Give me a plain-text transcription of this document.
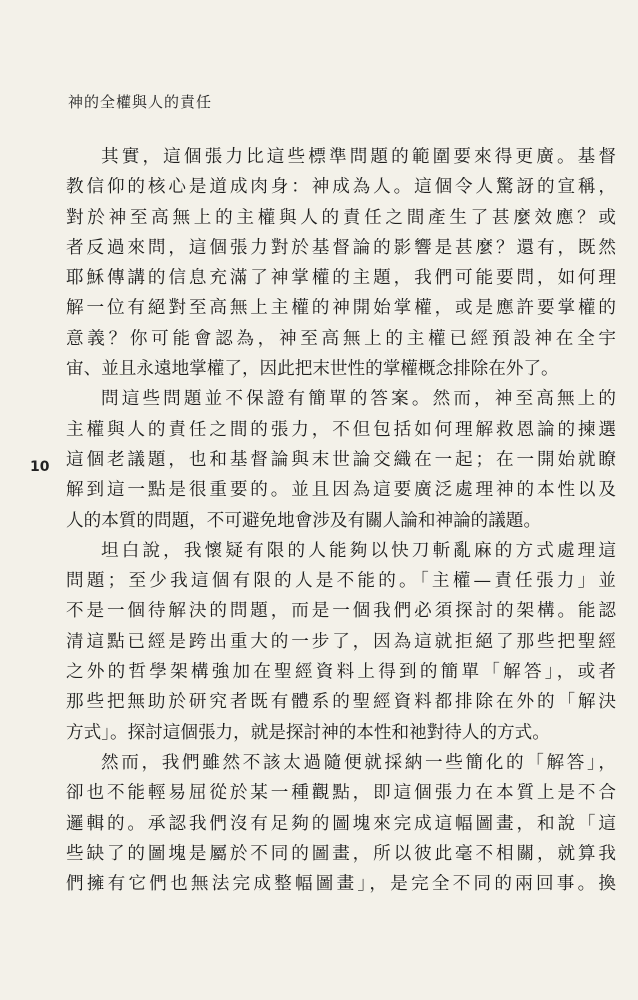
神的全權與人的責任
10
其實，這個張力比這些標準問題的範圍要來得更廣。基督
教信仰的核心是道成肉身：神成為人。這個令人驚訝的宣稱，
對於神至高無上的主權與人的責任之間產生了甚麼效應？或
者反過來問，這個張力對於基督論的影響是甚麼？還有，既然
耶穌傳講的信息充滿了神掌權的主題，我們可能要問，如何理
解一位有絕對至高無上主權的神開始掌權，或是應許要掌權的
意義？你可能會認為，神至高無上的主權已經預設神在全宇
宙、並且永遠地掌權了，因此把末世性的掌權概念排除在外了。
問這些問題並不保證有簡單的答案。然而，神至高無上的
主權與人的責任之間的張力，不但包括如何理解救恩論的揀選
這個老議題，也和基督論與末世論交織在一起；在一開始就瞭
解到這一點是很重要的。並且因為這要廣泛處理神的本性以及
人的本質的問題，不可避免地會涉及有關人論和神論的議題。
坦白說，我懷疑有限的人能夠以快刀斬亂麻的方式處理這
問題；至少我這個有限的人是不能的。「主權—責任張力」並
不是一個待解決的問題，而是一個我們必須探討的架構。能認
清這點已經是跨出重大的一步了，因為這就拒絕了那些把聖經
之外的哲學架構強加在聖經資料上得到的簡單「解答」，或者
那些把無助於研究者既有體系的聖經資料都排除在外的「解決
方式」。探討這個張力，就是探討神的本性和祂對待人的方式。
然而，我們雖然不該太過隨便就採納一些簡化的「解答」，
卻也不能輕易屈從於某一種觀點，即這個張力在本質上是不合
邏輯的。承認我們沒有足夠的圖塊來完成這幅圖畫，和說「這
些缺了的圖塊是屬於不同的圖畫，所以彼此毫不相關，就算我
們擁有它們也無法完成整幅圖畫」，是完全不同的兩回事。換
